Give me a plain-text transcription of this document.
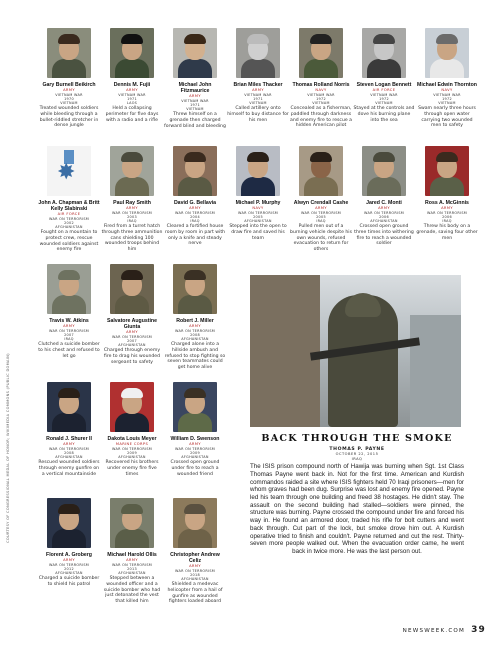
COURTESY OF CONGRESSIONAL MEDAL OF HONOR; WIKIMEDIA COMMONS (PUBLIC DOMAIN)
Gary Burnell Beikirch
ARMY
VIETNAM WAR
1970
VIETNAM
Treated wounded soldiers while bleeding through a bullet-riddled stretcher in dense jungle
Dennis M. Fujii
ARMY
VIETNAM WAR
1971
LAOS
Held a collapsing perimeter for five days with a radio and a rifle
Michael John Fitzmaurice
ARMY
VIETNAM WAR
1971
VIETNAM
Threw himself on a grenade then charged forward blind and bleeding
Brian Miles Thacker
ARMY
VIETNAM WAR
1971
VIETNAM
Called artillery onto himself to buy distance for his men
Thomas Rolland Norris
NAVY
VIETNAM WAR
1972
VIETNAM
Concealed as a fisherman, paddled through darkness and enemy fire to rescue a hidden American pilot
Steven Logan Bennett
AIR FORCE
VIETNAM WAR
1972
VIETNAM
Stayed at the controls and dove his burning plane into the sea
Michael Edwin Thornton
NAVY
VIETNAM WAR
1972
VIETNAM
Swam nearly three hours through open water carrying two wounded men to safety
✸
John A. Chapman & Britt Kelly Slabinski
AIR FORCE
WAR ON TERRORISM
2002
AFGHANISTAN
Fought on a mountain to protect crew, rescue wounded soldiers against enemy fire
Paul Ray Smith
ARMY
WAR ON TERRORISM
2003
IRAQ
Fired from a turret hatch through three ammunition cans shielding 100 wounded troops behind him
David G. Bellavia
ARMY
WAR ON TERRORISM
2004
IRAQ
Cleared a fortified house room by room in part with only a knife and steady nerve
Michael P. Murphy
NAVY
WAR ON TERRORISM
2005
AFGHANISTAN
Stepped into the open to draw fire and saved his team
Alwyn Crendall Cashe
ARMY
WAR ON TERRORISM
2005
IRAQ
Pulled men out of a burning vehicle despite his own wounds, refused evacuation to return for others
Jared C. Monti
ARMY
WAR ON TERRORISM
2006
AFGHANISTAN
Crossed open ground three times into withering fire to reach a wounded soldier
Ross A. McGinnis
ARMY
WAR ON TERRORISM
2006
IRAQ
Threw his body on a grenade, saving four other men
Travis W. Atkins
ARMY
WAR ON TERRORISM
2007
IRAQ
Clutched a suicide bomber to his chest and refused to let go
Salvatore Augustine Giunta
ARMY
WAR ON TERRORISM
2007
AFGHANISTAN
Charged through enemy fire to drag his wounded sergeant to safety
Robert J. Miller
ARMY
WAR ON TERRORISM
2008
AFGHANISTAN
Charged alone into a hillside ambush and refused to stop fighting so seven teammates could get home alive
Ronald J. Shurer II
ARMY
WAR ON TERRORISM
2008
AFGHANISTAN
Rescued wounded soldiers through enemy gunfire on a vertical mountainside
Dakota Louis Meyer
MARINE CORPS
WAR ON TERRORISM
2009
AFGHANISTAN
Recovered his brothers under enemy fire five times
William D. Swenson
ARMY
WAR ON TERRORISM
2009
AFGHANISTAN
Crossed open ground under fire to reach a wounded friend
Florent A. Groberg
ARMY
WAR ON TERRORISM
2012
AFGHANISTAN
Charged a suicide bomber to shield his patrol
Michael Harold Ollis
ARMY
WAR ON TERRORISM
2013
AFGHANISTAN
Stepped between a wounded officer and a suicide bomber who had just detonated the vest that killed him
Christopher Andrew Celiz
ARMY
WAR ON TERRORISM
2018
AFGHANISTAN
Shielded a medevac helicopter from a hail of gunfire as wounded fighters loaded aboard
BACK THROUGH THE SMOKE
THOMAS P. PAYNE
OCTOBER 22, 2015
IRAQ
The ISIS prison compound north of Hawija was burning when Sgt. 1st Class Thomas Payne went back in. Not for the first time. American and Kurdish commandos raided a site where ISIS fighters held 70 Iraqi prisoners—men for whom graves had been dug. Surprise was lost and enemy fire opened. Payne led his team through one building and freed 38 hostages. He didn't stay. The assault on the second building had stalled—soldiers were pinned, the structure was burning. Payne crossed the compound under fire and forced his way in. He found an armored door, traded his rifle for bolt cutters and went back through. Cut part of the lock, but smoke drove him out. A Kurdish operative tried to finish and couldn't. Payne returned and cut the rest. Thirty-seven more people walked out. When the evacuation order came, he went back in twice more. He was the last person out.
NEWSWEEK.COM 39
